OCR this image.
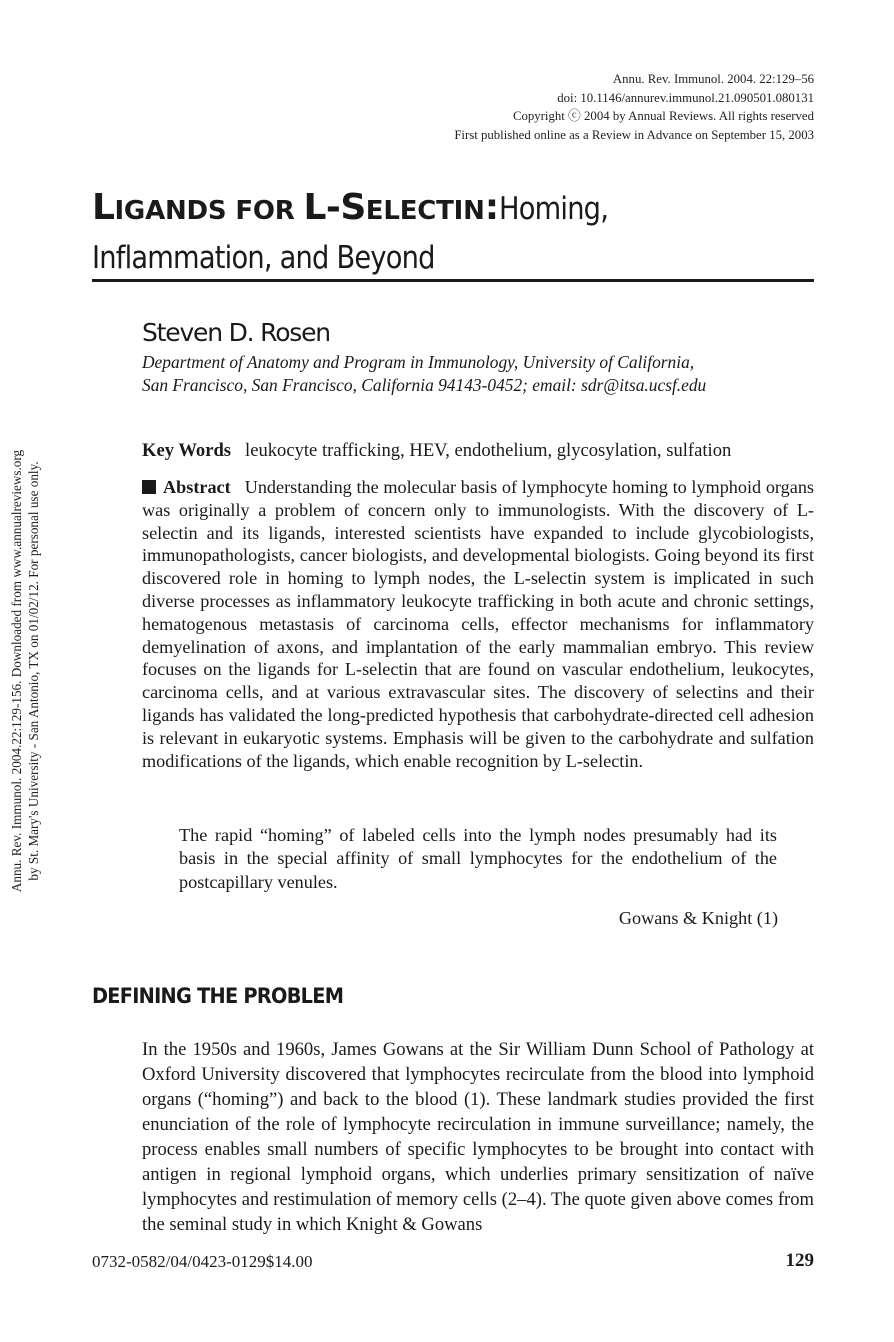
Annu. Rev. Immunol. 2004.22:129-156. Downloaded from www.annualreviews.org by St. Mary's University - San Antonio, TX on 01/02/12. For personal use only.
Annu. Rev. Immunol. 2004. 22:129–56
doi: 10.1146/annurev.immunol.21.090501.080131
Copyright ⓒ 2004 by Annual Reviews. All rights reserved
First published online as a Review in Advance on September 15, 2003
LIGANDS FOR L-SELECTIN:Homing,
Inflammation, and Beyond
Steven D. Rosen
Department of Anatomy and Program in Immunology, University of California,
San Francisco, San Francisco, California 94143-0452; email: sdr@itsa.ucsf.edu
Key Words leukocyte trafficking, HEV, endothelium, glycosylation, sulfation
Abstract Understanding the molecular basis of lymphocyte homing to lymphoid organs was originally a problem of concern only to immunologists. With the discovery of L-selectin and its ligands, interested scientists have expanded to include glycobiologists, immunopathologists, cancer biologists, and developmental biologists. Going beyond its first discovered role in homing to lymph nodes, the L-selectin system is implicated in such diverse processes as inflammatory leukocyte trafficking in both acute and chronic settings, hematogenous metastasis of carcinoma cells, effector mechanisms for inflammatory demyelination of axons, and implantation of the early mammalian embryo. This review focuses on the ligands for L-selectin that are found on vascular endothelium, leukocytes, carcinoma cells, and at various extravascular sites. The discovery of selectins and their ligands has validated the long-predicted hypothesis that carbohydrate-directed cell adhesion is relevant in eukaryotic systems. Emphasis will be given to the carbohydrate and sulfation modifications of the ligands, which enable recognition by L-selectin.
The rapid “homing” of labeled cells into the lymph nodes presumably had its basis in the special affinity of small lymphocytes for the endothelium of the postcapillary venules.
Gowans & Knight (1)
DEFINING THE PROBLEM
In the 1950s and 1960s, James Gowans at the Sir William Dunn School of Pathology at Oxford University discovered that lymphocytes recirculate from the blood into lymphoid organs (“homing”) and back to the blood (1). These landmark studies provided the first enunciation of the role of lymphocyte recirculation in immune surveillance; namely, the process enables small numbers of specific lymphocytes to be brought into contact with antigen in regional lymphoid organs, which underlies primary sensitization of naïve lymphocytes and restimulation of memory cells (2–4). The quote given above comes from the seminal study in which Knight & Gowans
0732-0582/04/0423-0129$14.00	129
